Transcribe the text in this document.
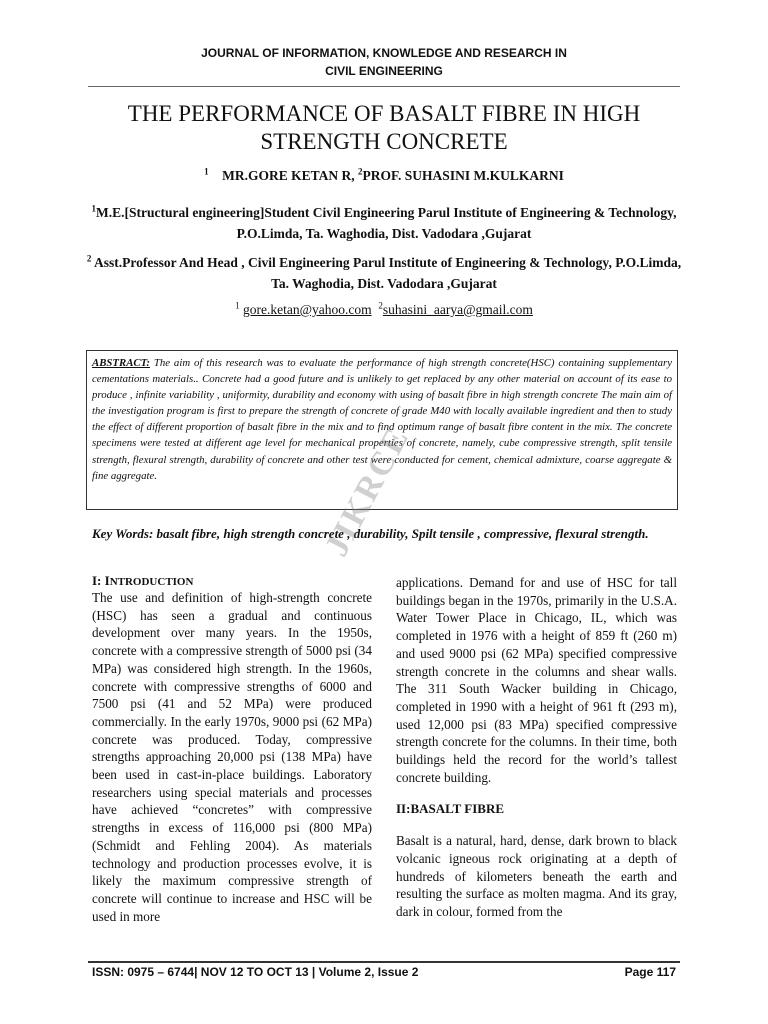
JOURNAL OF INFORMATION, KNOWLEDGE AND RESEARCH IN
CIVIL ENGINEERING
THE PERFORMANCE OF BASALT FIBRE IN HIGH
STRENGTH CONCRETE
$^1$ MR.GORE KETAN R, $^2$PROF. SUHASINI M.KULKARNI
$^1$M.E.[Structural engineering]Student Civil Engineering Parul Institute of Engineering & Technology, P.O.Limda, Ta. Waghodia, Dist. Vadodara ,Gujarat
$^2$ Asst.Professor And Head , Civil Engineering Parul Institute of Engineering & Technology, P.O.Limda, Ta. Waghodia, Dist. Vadodara ,Gujarat
$^1$ gore.ketan@yahoo.com $^2$suhasini_aarya@gmail.com
ABSTRACT: The aim of this research was to evaluate the performance of high strength concrete(HSC) containing supplementary cementations materials.. Concrete had a good future and is unlikely to get replaced by any other material on account of its ease to produce , infinite variability , uniformity, durability and economy with using of basalt fibre in high strength concrete The main aim of the investigation program is first to prepare the strength of concrete of grade M40 with locally available ingredient and then to study the effect of different proportion of basalt fibre in the mix and to find optimum range of basalt fibre content in the mix. The concrete specimens were tested at different age level for mechanical properties of concrete, namely, cube compressive strength, split tensile strength, flexural strength, durability of concrete and other test were conducted for cement, chemical admixture, coarse aggregate & fine aggregate.
Key Words: basalt fibre, high strength concrete , durability, Spilt tensile , compressive, flexural strength.
JIKRCE
I: INTRODUCTION

The use and definition of high-strength concrete (HSC) has seen a gradual and continuous development over many years. In the 1950s, concrete with a compressive strength of 5000 psi (34 MPa) was considered high strength. In the 1960s, concrete with compressive strengths of 6000 and 7500 psi (41 and 52 MPa) were produced commercially. In the early 1970s, 9000 psi (62 MPa) concrete was produced. Today, compressive strengths approaching 20,000 psi (138 MPa) have been used in cast-in-place buildings. Laboratory researchers using special materials and processes have achieved “concretes” with compressive strengths in excess of 116,000 psi (800 MPa) (Schmidt and Fehling 2004). As materials technology and production processes evolve, it is likely the maximum compressive strength of concrete will continue to increase and HSC will be used in more

applications. Demand for and use of HSC for tall buildings began in the 1970s, primarily in the U.S.A. Water Tower Place in Chicago, IL, which was completed in 1976 with a height of 859 ft (260 m) and used 9000 psi (62 MPa) specified compressive strength concrete in the columns and shear walls. The 311 South Wacker building in Chicago, completed in 1990 with a height of 961 ft (293 m), used 12,000 psi (83 MPa) specified compressive strength concrete for the columns. In their time, both buildings held the record for the world’s tallest concrete building.

II:BASALT FIBRE

Basalt is a natural, hard, dense, dark brown to black volcanic igneous rock originating at a depth of hundreds of kilometers beneath the earth and resulting the surface as molten magma. And its gray, dark in colour, formed from the

ISSN: 0975 – 6744| NOV 12 TO OCT 13 | Volume 2, Issue 2	Page 117
